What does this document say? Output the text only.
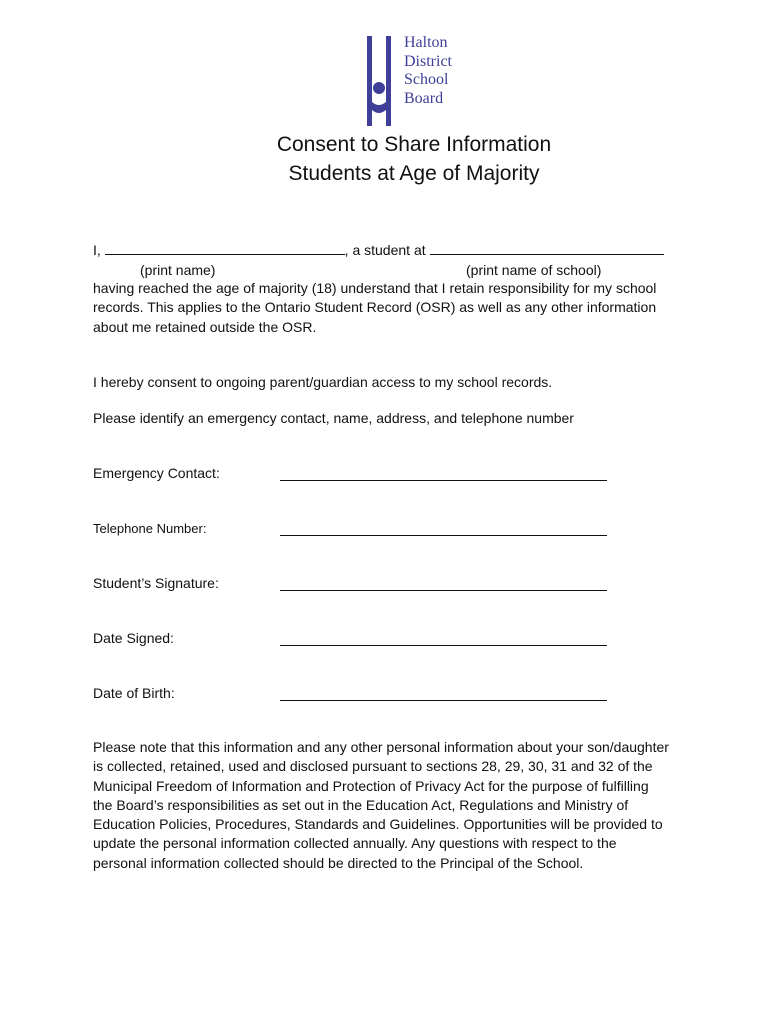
Halton
District
School
Board
Consent to Share Information
Students at Age of Majority
I,	, a student at
(print name)	(print name of school)
having reached the age of majority (18) understand that I retain responsibility for my school
records. This applies to the Ontario Student Record (OSR) as well as any other information
about me retained outside the OSR.
I hereby consent to ongoing parent/guardian access to my school records.
Please identify an emergency contact, name, address, and telephone number
Emergency Contact:
Telephone Number:
Student’s Signature:
Date Signed:
Date of Birth:
Please note that this information and any other personal information about your son/daughter
is collected, retained, used and disclosed pursuant to sections 28, 29, 30, 31 and 32 of the
Municipal Freedom of Information and Protection of Privacy Act for the purpose of fulfilling
the Board’s responsibilities as set out in the Education Act, Regulations and Ministry of
Education Policies, Procedures, Standards and Guidelines. Opportunities will be provided to
update the personal information collected annually. Any questions with respect to the
personal information collected should be directed to the Principal of the School.
